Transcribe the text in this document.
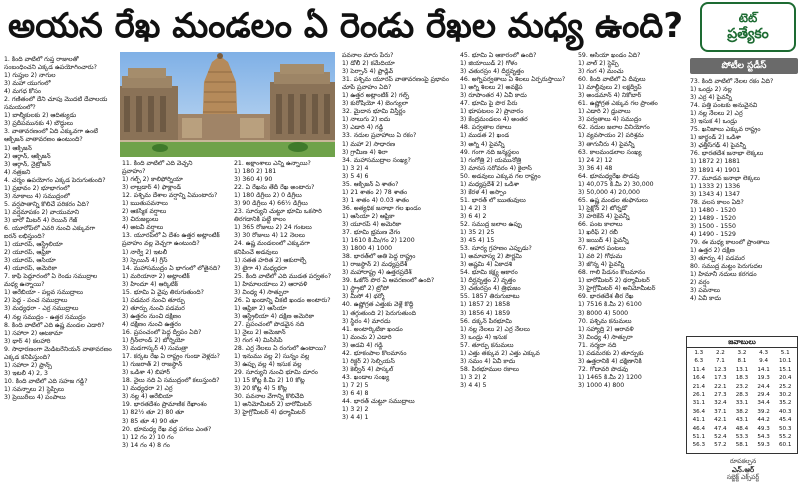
అయన రేఖ మండలం ఏ రెండు రేఖల మధ్య ఉంది?	టెట్
ప్రత్యేకం
పోటీల స్టడీస్
1. కింది వాటిలో గుప్త రాజులతో
సంబంధించని ఎక్కడ ఉపయోగించారు?
1) గుప్తుల 2) నాగుల
3) మహా యుగంలో
4) మగధ కోసం
2. గణితంలో దేని చూపు మొదటి దేవాలయ
సమయంలో?
1) బాల్మీకులకు 2) ఆదిత్యుడు
3) ప్రదీపమునకు 4) బౌద్ధులు
3. వాతావరణంలో ఏది ఎక్కువగా ఉంటే
ఆక్సిజన్ వాతావరణం ఉంటుంది?
1) ఆక్సిజన్
2) ఆర్గాన్, ఆక్సిజన్
3) ఆర్గాన్, నైట్రోజన్
4) నత్రజని
4. చర్మం ఉపయోగం ఎక్కడ పెరుగుతుంది?
1) ప్రభావం 2) భూభాగంలో
3) నూకాలు 4) సముద్రంలో
5. వర్షపాతాన్ని కొలిచే పరికరం ఏది?
1) వర్షమాపకం 2) వాయుమాని
3) బారో మీటర్ 4) రెయిన్ గేజ్
6. యూరోప్‌లో ఎవరి నుంచి ఎక్కువగా
ఐరన్ లభిస్తుంది?
1) యూరప్, ఆస్ట్రేలియా
2) యూరప్, ఆఫ్రికా
3) యూరప్, ఆసియా
4) యూరప్, అమెరికా
7. కాఫీ పెద్దూరంలో ఏ రెండు సముద్రాల
మధ్య ఉన్నాయి?
1) అరేబియా - పల్లవ సముద్రాలు
2) పెద్ద - పంచ సముద్రాలు
3) మధ్యధరా - ఎర్ర సముద్రాలు
4) నల్ల సముద్రం - ఉత్తర సముద్రం
8. కింది వాటిలో ఎది ఉష్ణ మండల ఎడారి?
1) సహారా 2) ఆటకామా
3) థార్ 4) కలహారి
9. సాధారణంగా మెడిటరేనియన్ వాతావరణం
ఎక్కడ కనిపిస్తుంది?
1) సహారా 2) ఫ్రాన్స్
3) ఇటలీ 4) 2, 3
10. కింది వాటిలో ఎది సహజ గడ్డి?
1) సవన్నాలు 2) స్టెప్పీలు
3) ప్రెయిరీలు 4) పంపాలు
11. కింది వాటిలో ఎది వెచ్చని
ప్రవాహం?
1) గల్ఫ్ 2) కాలిఫోర్నియా
3) లాబ్రడార్ 4) ఫాక్లాండ్
12. పశ్చిమ దేశాల వర్షాన్ని ఏమంటారు?
1) ఋతుపవనాలు
2) ఆకస్మిక వర్షాలు
3) చిరుజల్లులు
4) అటవీ వర్షాలు
13. యూరప్‌లో ఏ దేశం ఉత్తర అట్లాంటిక్
ప్రవాహం వల్ల వెచ్చగా ఉంటుంది?
1) నార్వే 2) ఇటలీ
3) స్పెయిన్ 4) గ్రీస్
14. మహాసముద్రం ఏ భాగంలో లోతైనది?
1) మరియానా 2) అట్లాంటిక్
3) హిందూ 4) ఆర్కిటిక్
15. భూమి ఏ వైపు తిరుగుతుంది?
1) పడమర నుంచి తూర్పు
2) తూర్పు నుంచి పడమర
3) ఉత్తరం నుంచి దక్షిణం
4) దక్షిణం నుంచి ఉత్తరం
16. ప్రపంచంలో పెద్ద ద్వీపం ఏది?
1) గ్రీన్‌లాండ్ 2) బోర్నియో
3) మడగాస్కర్ 4) సుమత్రా
17. కర్కట రేఖ ఏ రాష్ట్రం గుండా వెళ్లదు?
1) గుజరాత్ 2) రాజస్థాన్
3) ఒడిశా 4) బిహార్
18. నైలు నది ఏ సముద్రంలో కలుస్తుంది?
1) మధ్యధరా 2) ఎర్ర
3) నల్ల 4) అరేబియా
19. భారతదేశం ప్రామాణిక రేఖాంశం
1) 82½ తూ 2) 80 తూ
3) 85 తూ 4) 90 తూ
20. భూమధ్య రేఖ వద్ద పగలు ఎంత?
1) 12 గం 2) 10 గం
3) 14 గం 4) 8 గం
21. అక్షాంశాలు ఎన్ని ఉన్నాయి?
1) 180 2) 181
3) 360 4) 90
22. ఏ రేఖను తేదీ రేఖ అంటారు?
1) 180 డిగ్రీలు 2) 0 డిగ్రీలు
3) 90 డిగ్రీలు 4) 66½ డిగ్రీలు
23. సూర్యుని చుట్టూ భూమి ఒకసారి
తిరగడానికి పట్టే కాలం
1) 365 రోజులు 2) 24 గంటలు
3) 30 రోజులు 4) 12 నెలలు
24. ఉష్ణ మండలంలో ఎక్కువగా
కనిపించే అడవులు
1) సతత హరిత 2) ఆకురాల్చే
3) టైగా 4) మధ్యధరా
25. కింది వాటిలో ఎది ముడత పర్వతం?
1) హిమాలయాలు 2) ఆరావళి
3) వింధ్య 4) సాత్పురా
26. ఏ ఖండాన్ని చీకటి ఖండం అంటారు?
1) ఆఫ్రికా 2) ఆసియా
3) ఆస్ట్రేలియా 4) దక్షిణ అమెరికా
27. ప్రపంచంలో పొడవైన నది
1) నైలు 2) అమెజాన్
3) గంగ 4) మిసిసిపీ
28. ఎర్ర నేలలు ఏ రంగులో ఉంటాయి?
1) ఇనుము వల్ల 2) సున్నం వల్ల
3) ఉప్పు వల్ల 4) ఇసుక వల్ల
29. సూర్యుని నుంచి భూమి దూరం
1) 15 కోట్ల కి.మీ 2) 10 కోట్ల
3) 20 కోట్ల 4) 5 కోట్ల
30. పవనాల వేగాన్ని కొలిచేది
1) అనిమోమీటర్ 2) బారోమీటర్
3) హైగ్రోమీటర్ 4) థర్మామీటర్
పవనాల మారు పేరు?
1) డోలీ 2) కమేదియా
3) పెర్సాన్ 4) ఫ్రాడ్లివ్
31. పశ్చిమ యూరప్ వాతావరణంపై ప్రభావం
చూపే ప్రవాహం ఏది?
1) ఉత్తర అట్లాంటిక్ 2) గల్ఫ్
3) కురోషియో 4) బెంగ్యులా
32. మైదాన భూమి విస్తీర్ణం
1) నాలుగు 2) ఐదు
3) ఎడారి 4) గడ్డి
33. నదుల ప్రవాహాలు ఏ రకం?
1) మహా 2) సాధారణ
3) గ్రామీణ 4) శిలా
34. మహాసముద్రాల సంఖ్య?
1) 3 2) 4
3) 5 4) 6
35. ఆక్సిజన్ ఏ శాతం?
1) 21 శాతం 2) 78 శాతం
3) 1 శాతం 4) 0.03 శాతం
36. అత్యధిక జనాభా గల ఖండం
1) ఆసియా 2) ఆఫ్రికా
3) యూరప్ 4) అమెరికా
37. భూమి భ్రమణ వేగం
1) 1610 కి.మీ/గం 2) 1200
3) 1800 4) 1000
38. భారత్‌లో అతి పెద్ద రాష్ట్రం
1) రాజస్థాన్ 2) మధ్యప్రదేశ్
3) మహారాష్ట్ర 4) ఉత్తరప్రదేశ్
39. ఓజోన్ పొర ఏ ఆవరణంలో ఉంది?
1) స్ట్రాటో 2) ట్రోపో
3) మీసో 4) థర్మో
40. ఉష్ణోగ్రత ఎత్తుకు వెళ్లే కొద్దీ
1) తగ్గుతుంది 2) పెరుగుతుంది
3) స్థిరం 4) మారదు
41. అంటార్కిటికా ఖండం
1) మంచు 2) ఎడారి
3) అడవి 4) గడ్డి
42. భూకంపాల కొలమానం
1) రిక్టర్ 2) సెల్సియస్
3) కెల్విన్ 4) పాస్కల్
43. ఖండాల సంఖ్య
1) 7 2) 5
3) 6 4) 8
44. భారత్ చుట్టూ సముద్రాలు
1) 3 2) 2
3) 4 4) 1
45. భూమి ఏ ఆకారంలో ఉంది?
1) జియాయిడ్ 2) గోళం
3) చతురస్రం 4) దీర్ఘవృత్తం
46. అగ్నిపర్వతాలు ఏ శిలలు ఏర్పరుస్తాయి?
1) అగ్ని శిలలు 2) అవక్షేప
3) రూపాంతర 4) ఏవీ కాదు
47. భూమి పై పొర పేరు
1) భూపటలం 2) ప్రావారం
3) కేంద్రమండలం 4) అంతర
48. పర్వతాల రకాలు
1) ముడత 2) ఖండ
3) అగ్ని 4) పైవన్నీ
49. గంగా నది జన్మస్థలం
1) గంగోత్రి 2) యమునోత్రి
3) మానస సరోవరం 4) కైలాస్
50. అడవులు ఎక్కువ గల రాష్ట్రం
1) మధ్యప్రదేశ్ 2) ఒడిశా
3) కేరళ 4) అస్సాం
51. భారత్ లో ఋతువులు
1) 4 2) 3
3) 6 4) 2
52. సముద్ర జలాల ఉప్పు
1) 35 2) 25
3) 45 4) 15
53. సూర్య గ్రహణం ఎప్పుడు?
1) అమావాస్య 2) పౌర్ణమి
3) అష్టమి 4) ఏకాదశి
54. భూమి కక్ష్య ఆకారం
1) దీర్ఘవృత్తం 2) వృత్తం
3) చతురస్రం 4) త్రిభుజం
55. 1857 తిరుగుబాటు
1) 1857 2) 1858
3) 1856 4) 1859
56. దక్కన్ పీఠభూమి
1) నల్ల నేలలు 2) ఎర్ర నేలలు
3) ఒండ్రు 4) ఇసుక
57. తూర్పు కనుమలు
1) ఎత్తు తక్కువ 2) ఎత్తు ఎక్కువ
3) సమం 4) ఏవీ కాదు
58. పీఠభూముల రకాలు
1) 3 2) 2
3) 4 4) 5
59. ఆసియా ఖండం ఏది?
1) వాల్ 2) స్టెప్స్
3) గంగ 4) మంచు
60. కింది వాటిలో ఏ దీవులు
1) మాల్దీవులు 2) లక్షద్వీప్
3) అండమాన్ 4) నికోబార్
61. ఉష్ణోగ్రత ఎక్కువ గల ప్రాంతం
1) ఎడారి 2) ధ్రువాలు
3) పర్వతాలు 4) సముద్రం
62. నదుల జలాల వినియోగం
1) వ్యవసాయం 2) పరిశ్రమ
3) తాగునీరు 4) పైవన్నీ
63. కాలమండలాల సంఖ్య
1) 24 2) 12
3) 36 4) 48
64. భూమధ్యరేఖ పొడవు
1) 40,075 కి.మీ 2) 30,000
3) 50,000 4) 20,000
65. ఉష్ణ మండల తుఫానులు
1) సైక్లోన్ 2) టోర్నడో
3) హరికేన్ 4) పైవన్నీ
66. పంట కాలాలు
1) ఖరీఫ్ 2) రబీ
3) జయిద్ 4) పైవన్నీ
67. ఆహార పంటలు
1) వరి 2) గోధుమ
3) జొన్న 4) పైవన్నీ
68. గాలి పీడనం కొలమానం
1) బారోమీటర్ 2) థర్మామీటర్
3) హైగ్రోమీటర్ 4) అనిమోమీటర్
69. భారతదేశ తీర రేఖ
1) 7516 కి.మీ 2) 6100
3) 8000 4) 5000
70. పశ్చిమ కనుమలు
1) సహ్యాద్రి 2) ఆరావళి
3) వింధ్య 4) సాత్పురా
71. నర్మదా నది
1) పడమరకు 2) తూర్పుకు
3) ఉత్తరానికి 4) దక్షిణానికి
72. గోదావరి పొడవు
1) 1465 కి.మీ 2) 1200
3) 1000 4) 800
73. కింది వాటిలో నేలల రకం ఏది?
1) ఒండ్రు 2) నల్ల
3) ఎర్ర 4) పైవన్నీ
74. పత్తి పంటకు అనువైనవి
1) నల్ల నేలలు 2) ఎర్ర
3) ఇసుక 4) ఒండ్రు
75. ఖనిజాలు ఎక్కువ రాష్ట్రం
1) జార్ఖండ్ 2) ఒడిశా
3) ఛత్తీస్‌గఢ్ 4) పైవన్నీ
76. భారతదేశ జనాభా లెక్కలు
1) 1872 2) 1881
3) 1891 4) 1901
77. మూడవ జనాభా లెక్కలు
1) 1333 2) 1336
3) 1343 4) 1347
78. వలస కాలం ఏది?
1) 1480 - 1520
2) 1489 - 1520
3) 1500 - 1550
4) 1490 - 1529
79. ఈ మధ్య కాలంలో ప్రాంతాలు
1) ఉత్తర 2) దక్షిణ
3) తూర్పు 4) పడమర
80. సముద్ర మట్టం పెరుగుదల
1) హిమానీ నదులు కరగడం
2) వర్షం
3) పవనాలు
4) ఏవీ కాదు
జవాబులు
1.3	2.2	3.2	4.3	5.1
6.3	7.1	8.1	9.4	10.1
11.4	12.3	13.1	14.1	15.1
16.4	17.3	18.3	19.3	20.4
21.4	22.1	23.2	24.4	25.2
26.1	27.3	28.3	29.4	30.2
31.1	32.4	33.1	34.4	35.2
36.4	37.1	38.2	39.2	40.3
41.1	42.1	43.1	44.2	45.4
46.4	47.4	48.4	49.3	50.3
51.1	52.4	53.3	54.3	55.2
56.3	57.2	58.1	59.3	60.1
రూపకల్పన
ఎన్.ఆర్
సబ్జెక్ట్ ఎక్స్‌పర్ట్
